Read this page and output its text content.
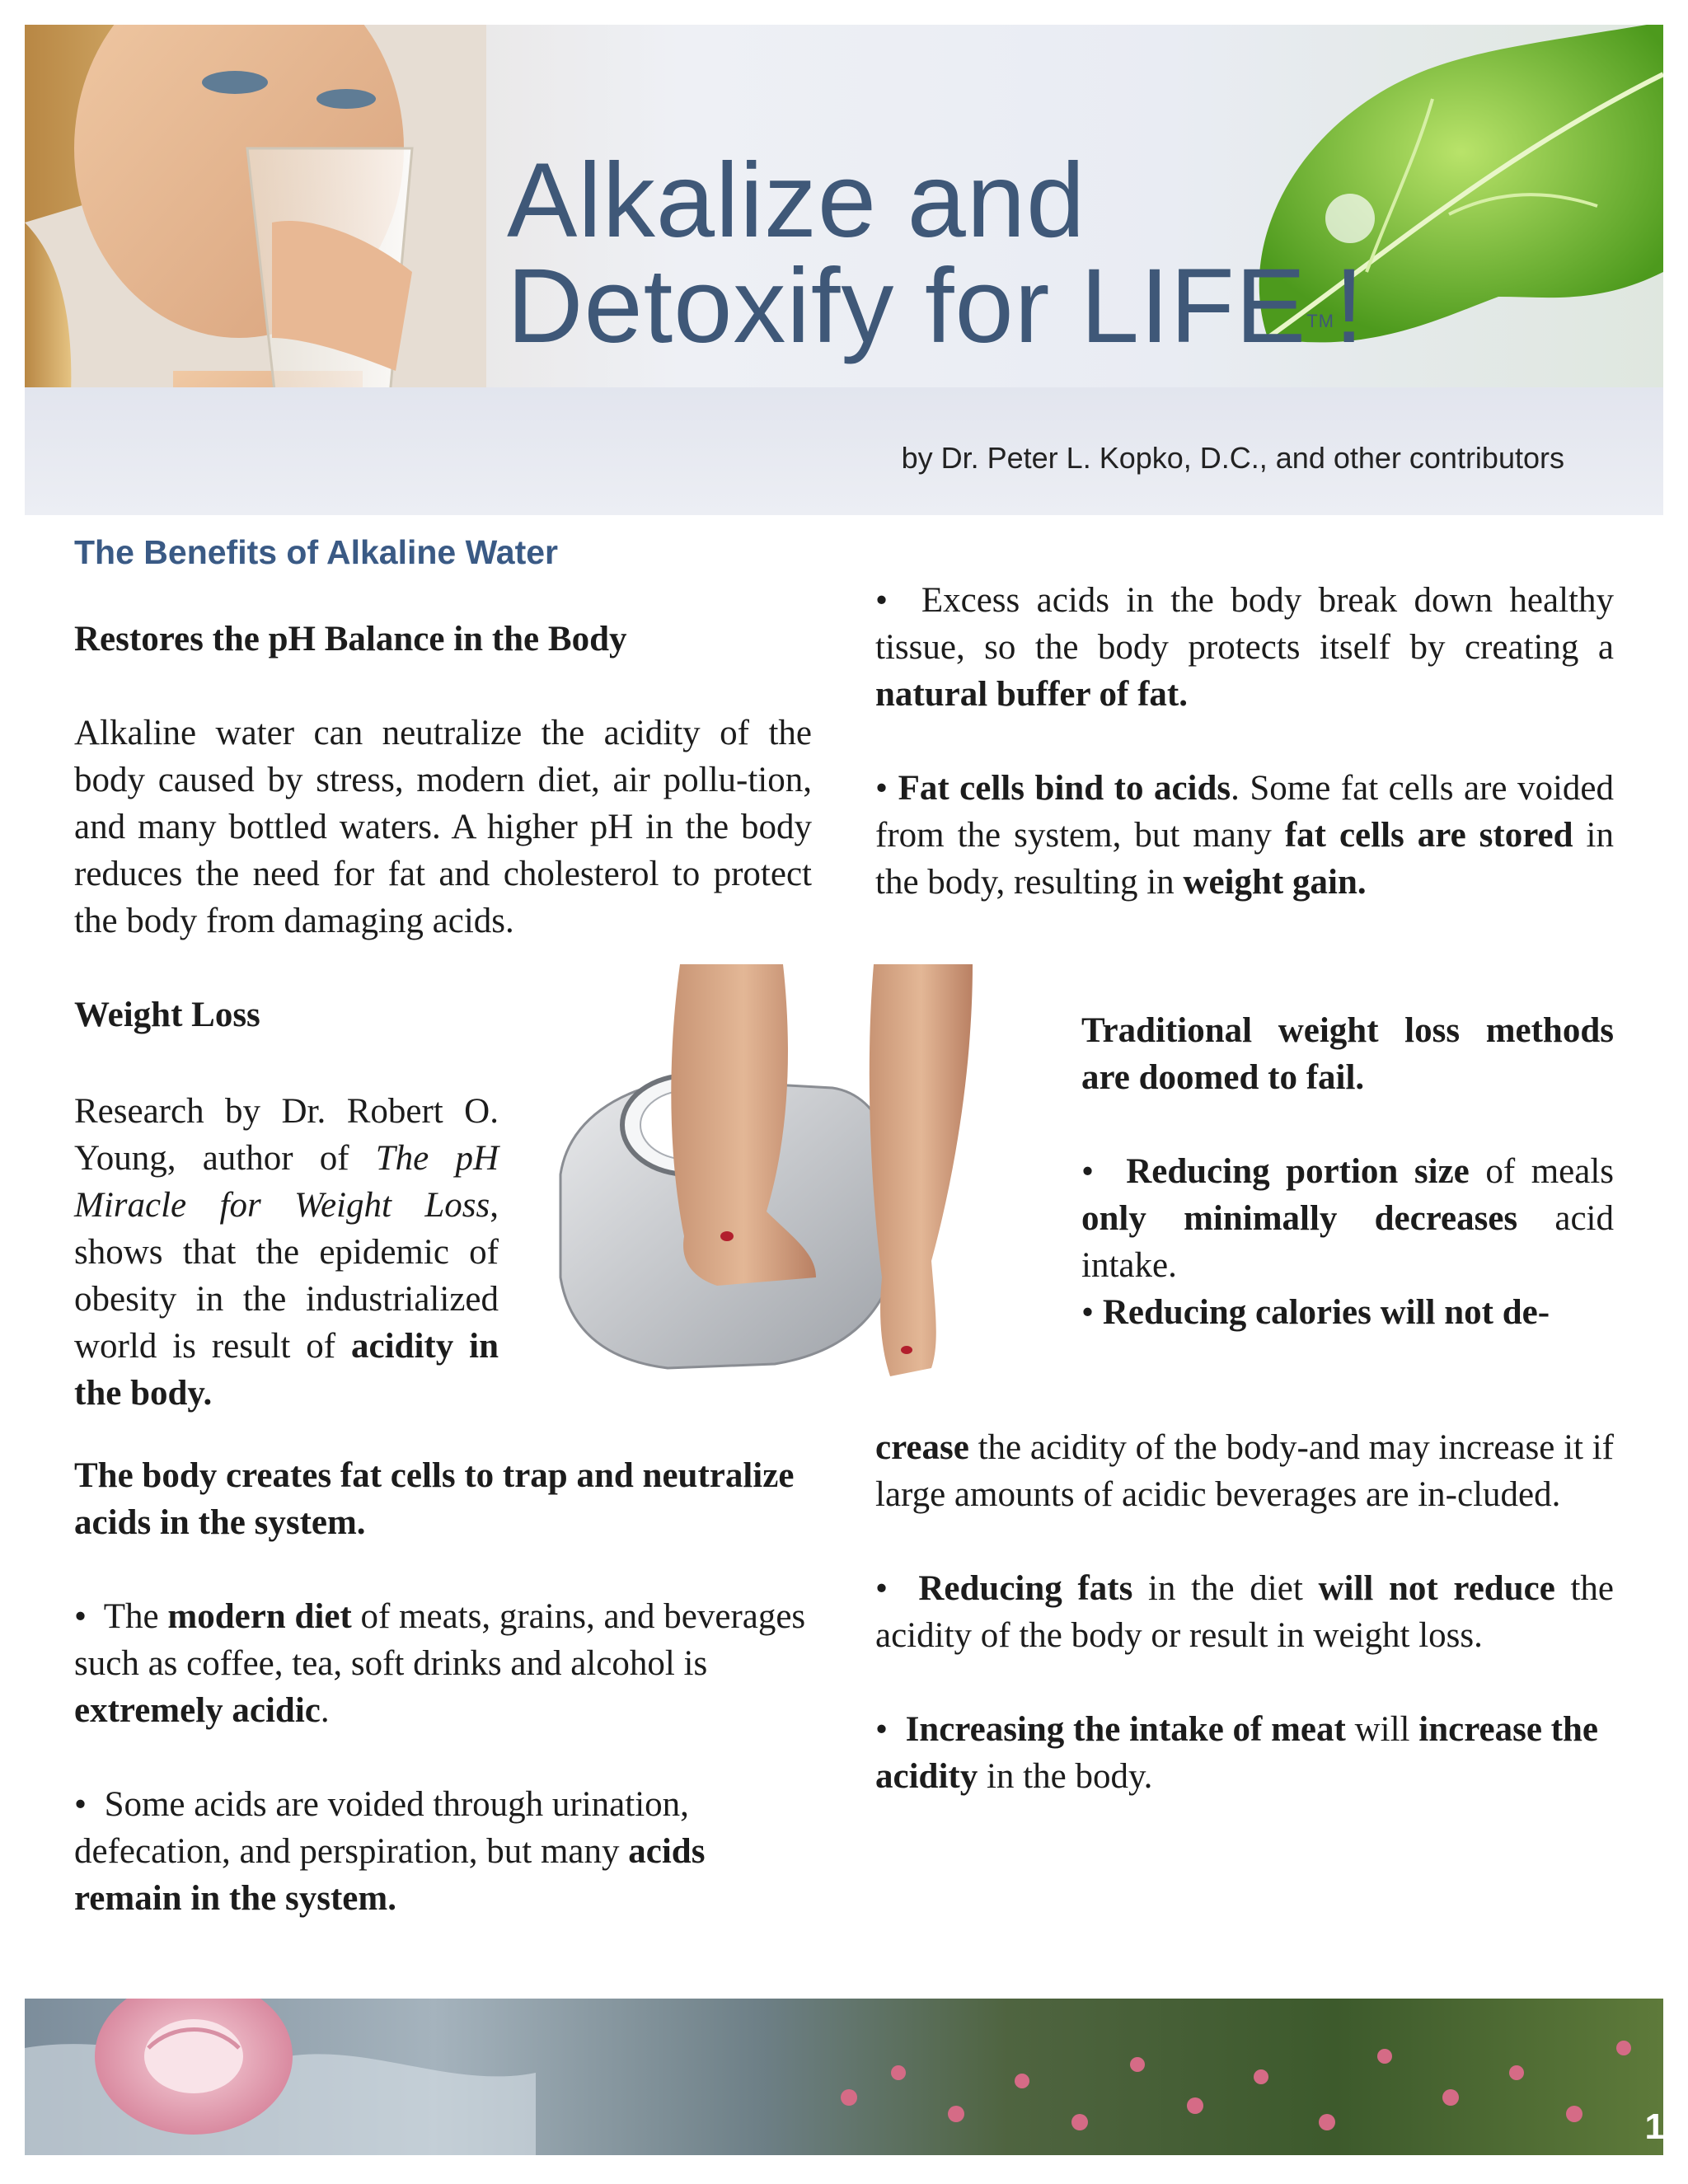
Alkalize and
Detoxify for LIFE™!
by Dr. Peter L. Kopko, D.C., and other contributors

The Benefits of Alkaline Water

Restores the pH Balance in the Body

Alkaline water can neutralize the acidity of the body caused by stress, modern diet, air pollu-tion, and many bottled waters. A higher pH in the body reduces the need for fat and cholesterol to protect the body from damaging acids.

Weight Loss

Research by Dr. Robert O. Young, author of The pH Miracle for Weight Loss, shows that the epidemic of obesity in the industrialized world is result of acidity in the body.

The body creates fat cells to trap and neutralize acids in the system.

•  The modern diet of meats, grains, and beverages such as coffee, tea, soft drinks and alcohol is extremely acidic.

•  Some acids are voided through urination, defecation, and perspiration, but many acids remain in the system.

•  Excess acids in the body break down healthy tissue, so the body protects itself by creating a natural buffer of fat.

• Fat cells bind to acids. Some fat cells are voided from the system, but many fat cells are stored in the body, resulting in weight gain.

Traditional weight loss methods are doomed to fail.

•  Reducing portion size of meals only minimally decreases acid intake.

• Reducing calories will not de-

crease the acidity of the body-and may increase it if large amounts of acidic beverages are in-cluded.

•  Reducing fats in the diet will not reduce the acidity of the body or result in weight loss.

•  Increasing the intake of meat will increase the acidity in the body.

1
